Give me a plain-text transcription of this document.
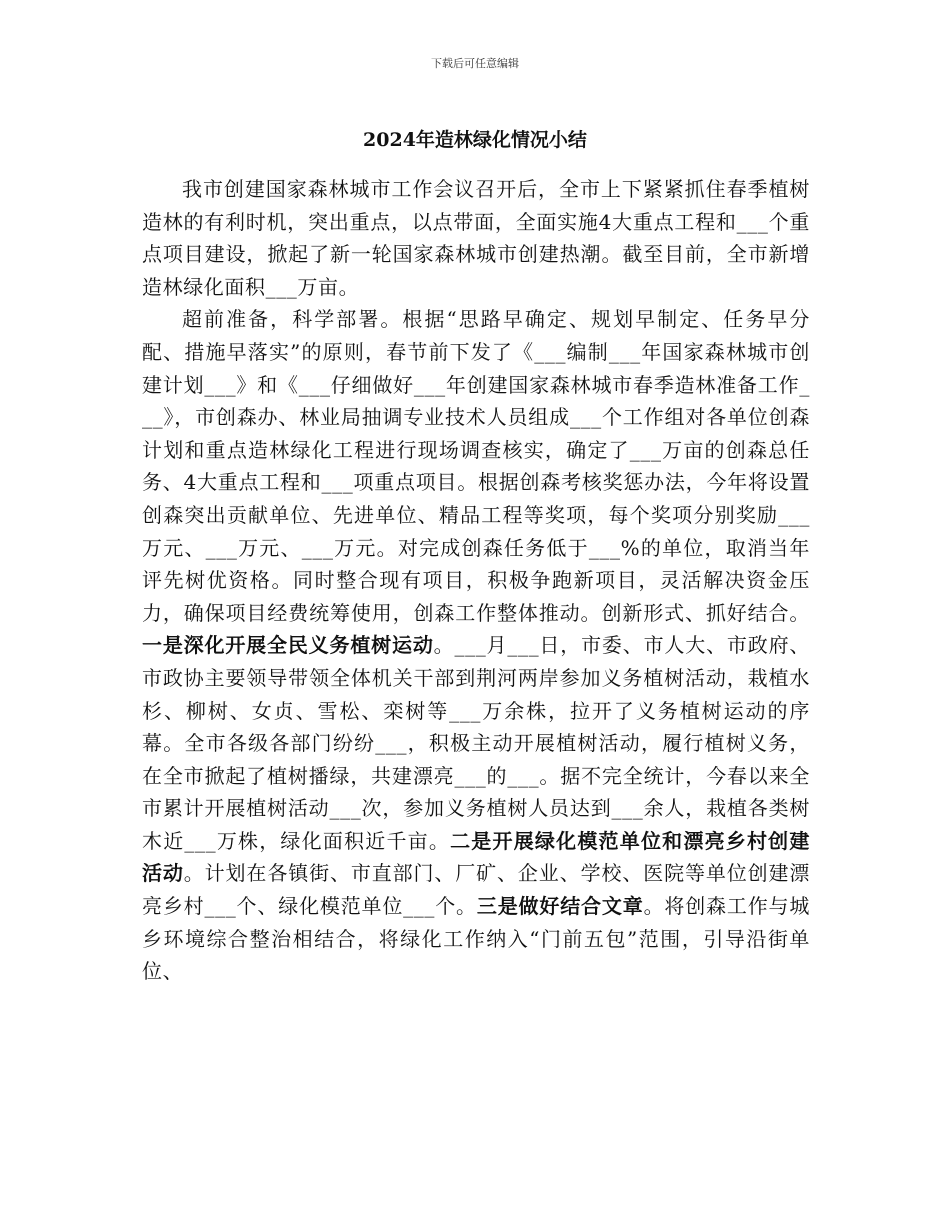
下载后可任意编辑
2024年造林绿化情况小结

我市创建国家森林城市工作会议召开后，全市上下紧紧抓住春季植树造林的有利时机，突出重点，以点带面，全面实施4大重点工程和___个重点项目建设，掀起了新一轮国家森林城市创建热潮。截至目前，全市新增造林绿化面积___万亩。

超前准备，科学部署。根据“思路早确定、规划早制定、任务早分配、措施早落实”的原则，春节前下发了《___编制___年国家森林城市创建计划___》和《___仔细做好___年创建国家森林城市春季造林准备工作___》，市创森办、林业局抽调专业技术人员组成___个工作组对各单位创森计划和重点造林绿化工程进行现场调查核实，确定了___万亩的创森总任务、4大重点工程和___项重点项目。根据创森考核奖惩办法，今年将设置创森突出贡献单位、先进单位、精品工程等奖项，每个奖项分别奖励___万元、___万元、___万元。对完成创森任务低于___%的单位，取消当年评先树优资格。同时整合现有项目，积极争跑新项目，灵活解决资金压力，确保项目经费统筹使用，创森工作整体推动。创新形式、抓好结合。一是深化开展全民义务植树运动。___月___日，市委、市人大、市政府、市政协主要领导带领全体机关干部到荆河两岸参加义务植树活动，栽植水杉、柳树、女贞、雪松、栾树等___万余株，拉开了义务植树运动的序幕。全市各级各部门纷纷___，积极主动开展植树活动，履行植树义务，在全市掀起了植树播绿，共建漂亮___的___。据不完全统计，今春以来全市累计开展植树活动___次，参加义务植树人员达到___余人，栽植各类树木近___万株，绿化面积近千亩。二是开展绿化模范单位和漂亮乡村创建活动。计划在各镇街、市直部门、厂矿、企业、学校、医院等单位创建漂亮乡村___个、绿化模范单位___个。三是做好结合文章。将创森工作与城乡环境综合整治相结合，将绿化工作纳入“门前五包”范围，引导沿街单位、
